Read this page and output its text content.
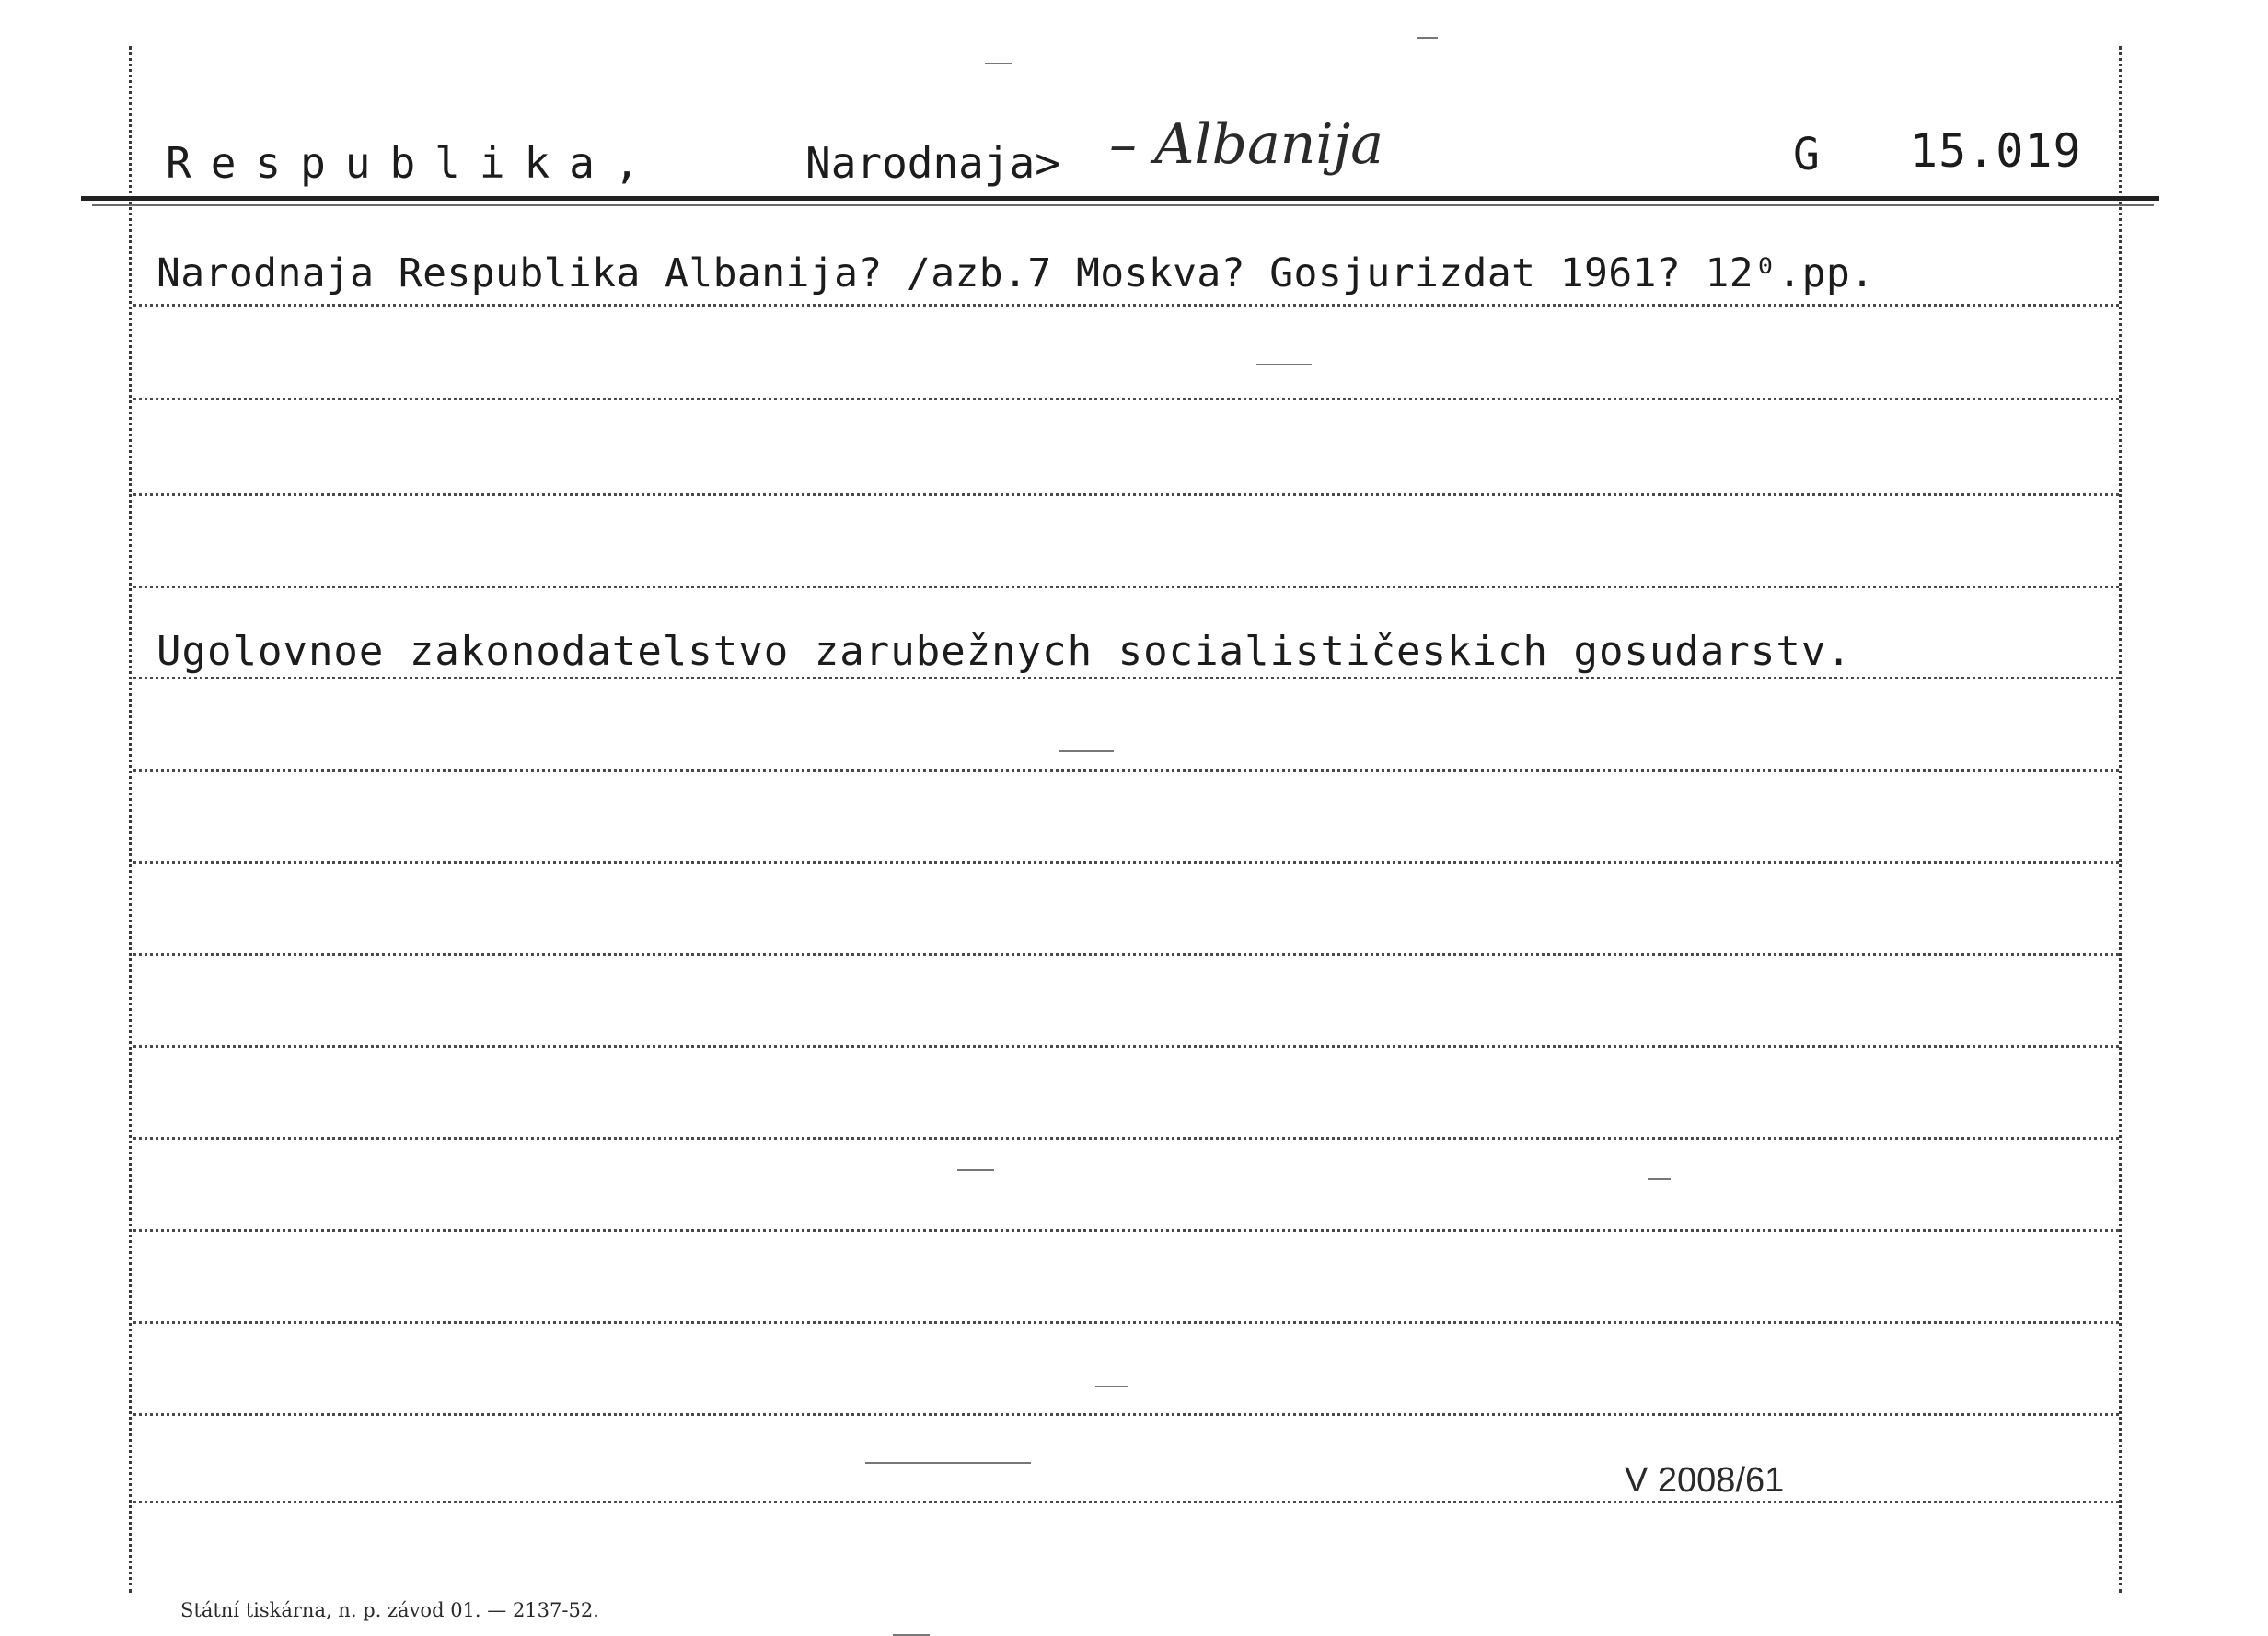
Respublika,	Narodnaja> – Albanija	G 15.019
Narodnaja Respublika Albanija? /azb.7 Moskva? Gosjurizdat 1961? 12⁰.pp.
Ugolovnoe zakonodatelstvo zarubežnych socialističeskich gosudarstv.
V 2008/61
Státní tiskárna, n. p. závod 01. — 2137-52.
